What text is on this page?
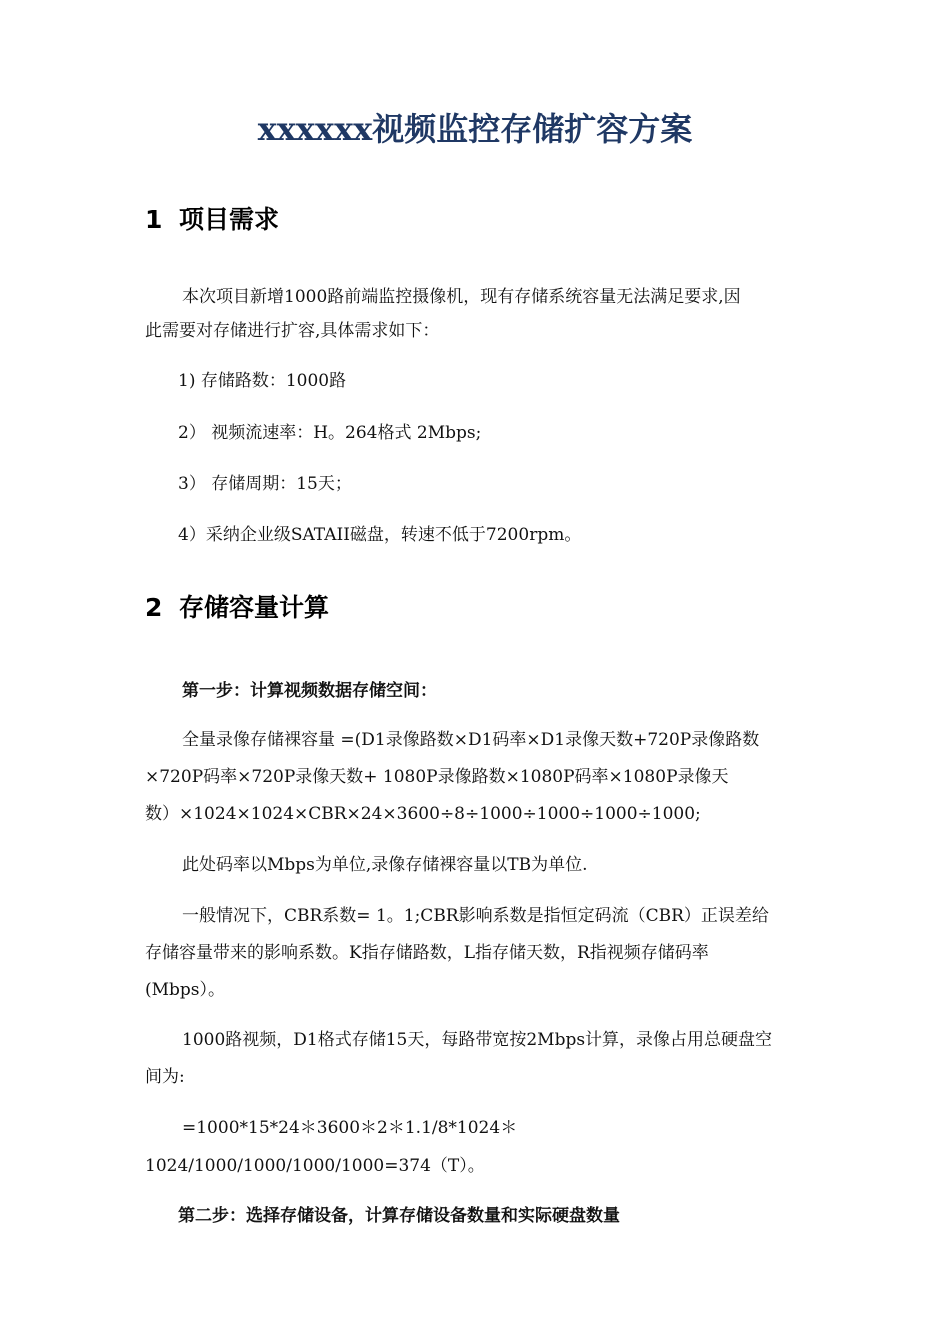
xxxxxx视频监控存储扩容方案
1 项目需求
本次项目新增1000路前端监控摄像机，现有存储系统容量无法满足要求,因
此需要对存储进行扩容,具体需求如下：
1) 存储路数：1000路
2） 视频流速率：H。264格式 2Mbps;
3） 存储周期：15天；
4）采纳企业级SATAII磁盘，转速不低于7200rpm。
2 存储容量计算
第一步：计算视频数据存储空间：
全量录像存储裸容量 =(D1录像路数×D1码率×D1录像天数+720P录像路数
×720P码率×720P录像天数+ 1080P录像路数×1080P码率×1080P录像天
数）×1024×1024×CBR×24×3600÷8÷1000÷1000÷1000÷1000;
此处码率以Mbps为单位,录像存储裸容量以TB为单位.
一般情况下，CBR系数= 1。1;CBR影响系数是指恒定码流（CBR）正误差给
存储容量带来的影响系数。K指存储路数，L指存储天数，R指视频存储码率
(Mbps）。
1000路视频，D1格式存储15天，每路带宽按2Mbps计算，录像占用总硬盘空
间为:
=1000*15*24＊3600＊2＊1.1/8*1024＊
1024/1000/1000/1000/1000=374（T）。
第二步：选择存储设备，计算存储设备数量和实际硬盘数量
